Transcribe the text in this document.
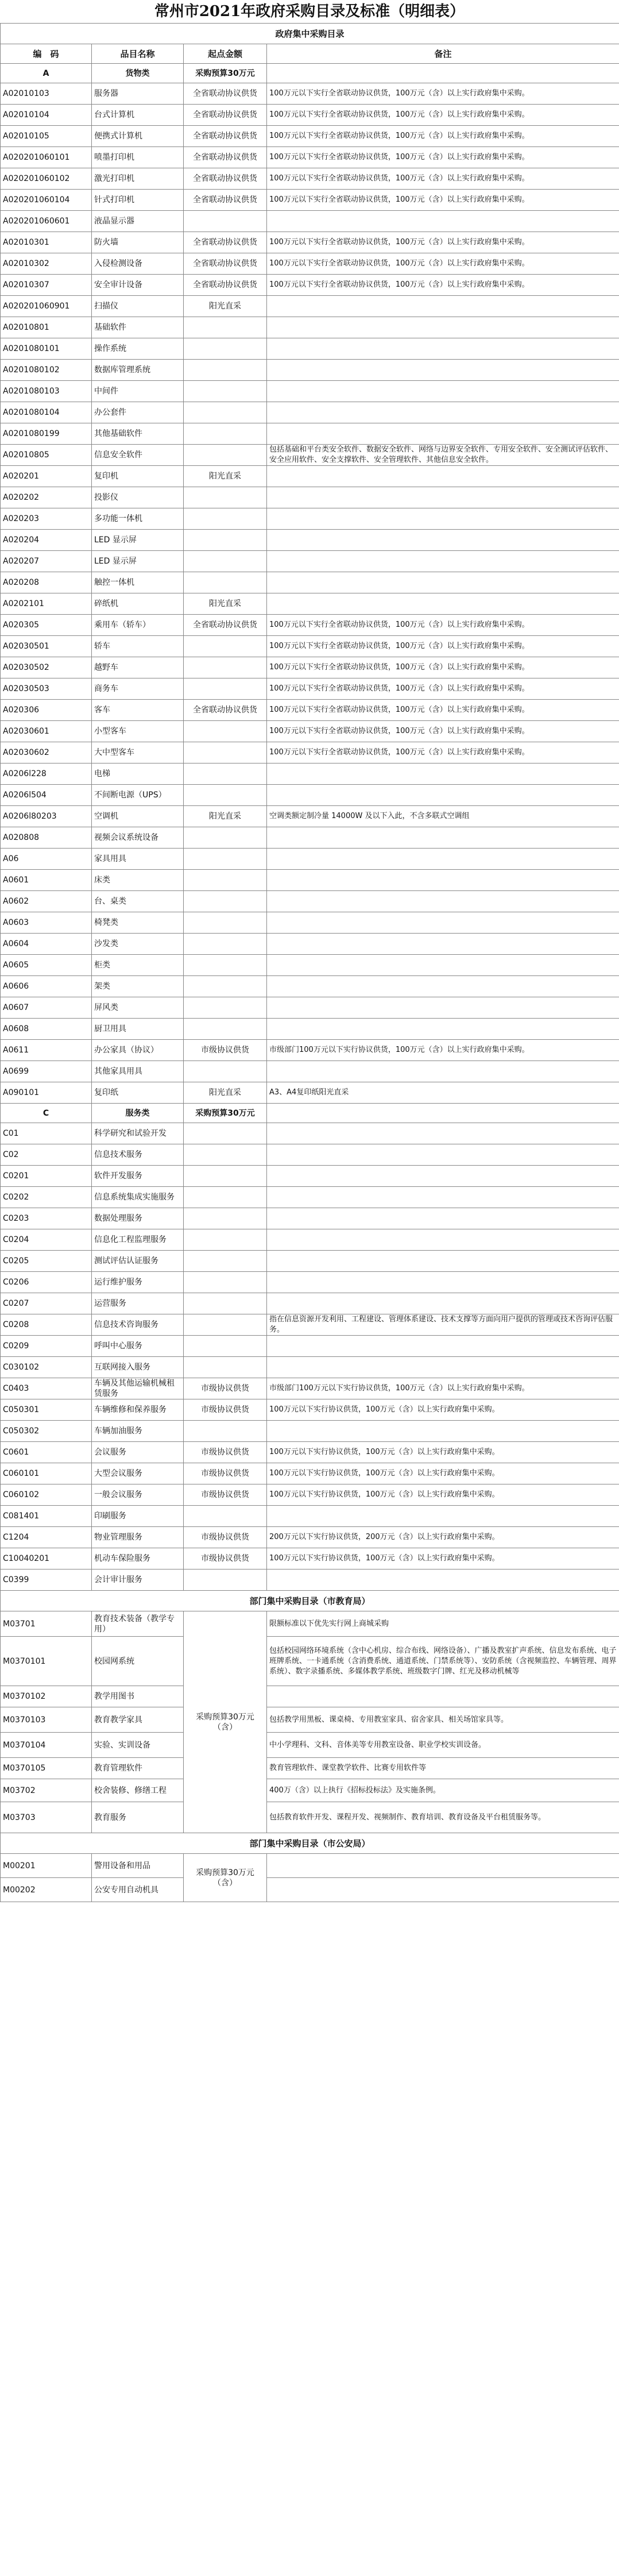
常州市2021年政府采购目录及标准（明细表）
政府集中采购目录			
编　码	品目名称	起点金额	备注
A	货物类	采购预算30万元	
A02010103	服务器	全省联动协议供货	100万元以下实行全省联动协议供货，100万元（含）以上实行政府集中采购。
A02010104	台式计算机	全省联动协议供货	100万元以下实行全省联动协议供货，100万元（含）以上实行政府集中采购。
A02010105	便携式计算机	全省联动协议供货	100万元以下实行全省联动协议供货，100万元（含）以上实行政府集中采购。
A020201060101	喷墨打印机	全省联动协议供货	100万元以下实行全省联动协议供货，100万元（含）以上实行政府集中采购。
A020201060102	激光打印机	全省联动协议供货	100万元以下实行全省联动协议供货，100万元（含）以上实行政府集中采购。
A020201060104	针式打印机	全省联动协议供货	100万元以下实行全省联动协议供货，100万元（含）以上实行政府集中采购。
A020201060601	液晶显示器		
A02010301	防火墙	全省联动协议供货	100万元以下实行全省联动协议供货，100万元（含）以上实行政府集中采购。
A02010302	入侵检测设备	全省联动协议供货	100万元以下实行全省联动协议供货，100万元（含）以上实行政府集中采购。
A02010307	安全审计设备	全省联动协议供货	100万元以下实行全省联动协议供货，100万元（含）以上实行政府集中采购。
A020201060901	扫描仪	阳光直采	
A02010801	基础软件		
A0201080101	操作系统		
A0201080102	数据库管理系统		
A0201080103	中间件		
A0201080104	办公套件		
A0201080199	其他基础软件		
A02010805	信息安全软件		包括基础和平台类安全软件、数据安全软件、网络与边界安全软件、专用安全软件、安全测试评估软件、安全应用软件、安全支撑软件、安全管理软件、其他信息安全软件。
A020201	复印机	阳光直采	
A020202	投影仪		
A020203	多功能一体机		
A020204	LED 显示屏		
A020207	LED 显示屏		
A020208	触控一体机		
A0202101	碎纸机	阳光直采	
A020305	乘用车（轿车）	全省联动协议供货	100万元以下实行全省联动协议供货，100万元（含）以上实行政府集中采购。
A02030501	轿车		100万元以下实行全省联动协议供货，100万元（含）以上实行政府集中采购。
A02030502	越野车		100万元以下实行全省联动协议供货，100万元（含）以上实行政府集中采购。
A02030503	商务车		100万元以下实行全省联动协议供货，100万元（含）以上实行政府集中采购。
A020306	客车	全省联动协议供货	100万元以下实行全省联动协议供货，100万元（含）以上实行政府集中采购。
A02030601	小型客车		100万元以下实行全省联动协议供货，100万元（含）以上实行政府集中采购。
A02030602	大中型客车		100万元以下实行全省联动协议供货，100万元（含）以上实行政府集中采购。
A0206l228	电梯		
A0206l504	不间断电源（UPS）		
A0206l80203	空调机	阳光直采	空调类额定制冷量 14000W 及以下入此，不含多联式空调组
A020808	视频会议系统设备		
A06	家具用具		
A0601	床类		
A0602	台、桌类		
A0603	椅凳类		
A0604	沙发类		
A0605	柜类		
A0606	架类		
A0607	屏风类		
A0608	厨卫用具		
A0611	办公家具（协议）	市级协议供货	市级部门100万元以下实行协议供货，100万元（含）以上实行政府集中采购。
A0699	其他家具用具		
A090101	复印纸	阳光直采	A3、A4复印纸阳光直采
C	服务类	采购预算30万元	
C01	科学研究和试验开发		
C02	信息技术服务		
C0201	软件开发服务		
C0202	信息系统集成实施服务		
C0203	数据处理服务		
C0204	信息化工程监理服务		
C0205	测试评估认证服务		
C0206	运行维护服务		
C0207	运营服务		
C0208	信息技术咨询服务		指在信息资源开发利用、工程建设、管理体系建设、技术支撑等方面向用户提供的管理或技术咨询评估服务。
C0209	呼叫中心服务		
C030102	互联网接入服务		
C0403	车辆及其他运输机械租赁服务	市级协议供货	市级部门100万元以下实行协议供货，100万元（含）以上实行政府集中采购。
C050301	车辆维修和保养服务	市级协议供货	100万元以下实行协议供货，100万元（含）以上实行政府集中采购。
C050302	车辆加油服务		
C0601	会议服务	市级协议供货	100万元以下实行协议供货，100万元（含）以上实行政府集中采购。
C060101	大型会议服务	市级协议供货	100万元以下实行协议供货，100万元（含）以上实行政府集中采购。
C060102	一般会议服务	市级协议供货	100万元以下实行协议供货，100万元（含）以上实行政府集中采购。
C081401	印刷服务		
C1204	物业管理服务	市级协议供货	200万元以下实行协议供货，200万元（含）以上实行政府集中采购。
C10040201	机动车保险服务	市级协议供货	100万元以下实行协议供货，100万元（含）以上实行政府集中采购。
C0399	会计审计服务		
部门集中采购目录（市教育局）			
M03701	教育技术装备（教学专用）	采购预算30万元（含）	限额标准以下优先实行网上商城采购
M0370101	校园网系统		包括校园网络环境系统（含中心机房、综合布线、网络设备）、广播及教室扩声系统、信息发布系统、电子班牌系统、一卡通系统（含消费系统、通道系统、门禁系统等）、安防系统（含视频监控、车辆管理、周界系统）、数字录播系统、多媒体教学系统、班级数字门牌、红光及移动机械等
M0370102	教学用图书		
M0370103	教育教学家具		包括教学用黑板、课桌椅、专用教室家具、宿舍家具、相关场馆家具等。
M0370104	实验、实训设备		中小学理科、文科、音体美等专用教室设备、职业学校实训设备。
M0370105	教育管理软件		教育管理软件、课堂教学软件、比赛专用软件等
M03702	校舍装修、修缮工程		400万（含）以上执行《招标投标法》及实施条例。
M03703	教育服务		包括教育软件开发、课程开发、视频制作、教育培训、教育设备及平台租赁服务等。
部门集中采购目录（市公安局）			
M00201	警用设备和用品	采购预算30万元（含）	
M00202	公安专用自动机具		
